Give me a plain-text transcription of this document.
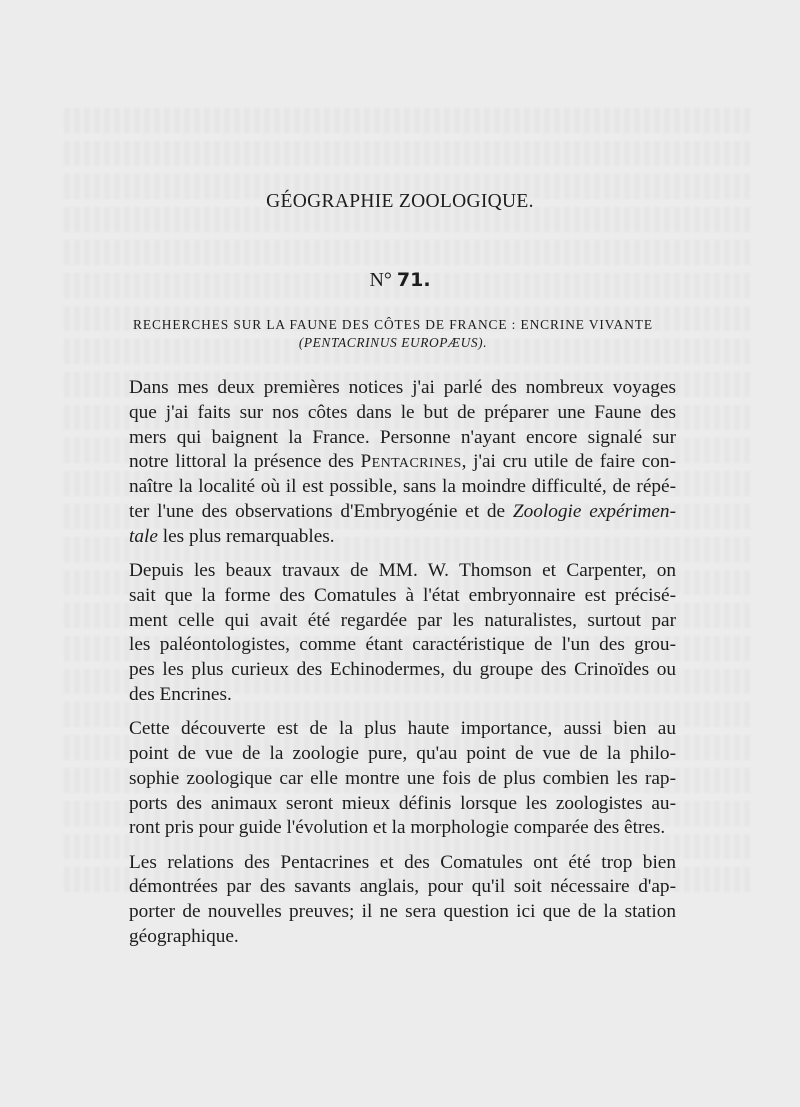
GÉOGRAPHIE ZOOLOGIQUE.
N° 71.
RECHERCHES SUR LA FAUNE DES CÔTES DE FRANCE : ENCRINE VIVANTE
(PENTACRINUS EUROPÆUS).

Dans mes deux premières notices j'ai parlé des nombreux voyages
que j'ai faits sur nos côtes dans le but de préparer une Faune des
mers qui baignent la France. Personne n'ayant encore signalé sur
notre littoral la présence des Pentacrines, j'ai cru utile de faire con-
naître la localité où il est possible, sans la moindre difficulté, de répé-
ter l'une des observations d'Embryogénie et de Zoologie expérimen-
tale les plus remarquables.

Depuis les beaux travaux de MM. W. Thomson et Carpenter, on
sait que la forme des Comatules à l'état embryonnaire est précisé-
ment celle qui avait été regardée par les naturalistes, surtout par
les paléontologistes, comme étant caractéristique de l'un des grou-
pes les plus curieux des Echinodermes, du groupe des Crinoïdes ou
des Encrines.

Cette découverte est de la plus haute importance, aussi bien au
point de vue de la zoologie pure, qu'au point de vue de la philo-
sophie zoologique car elle montre une fois de plus combien les rap-
ports des animaux seront mieux définis lorsque les zoologistes au-
ront pris pour guide l'évolution et la morphologie comparée des êtres.

Les relations des Pentacrines et des Comatules ont été trop bien
démontrées par des savants anglais, pour qu'il soit nécessaire d'ap-
porter de nouvelles preuves; il ne sera question ici que de la station
géographique.
